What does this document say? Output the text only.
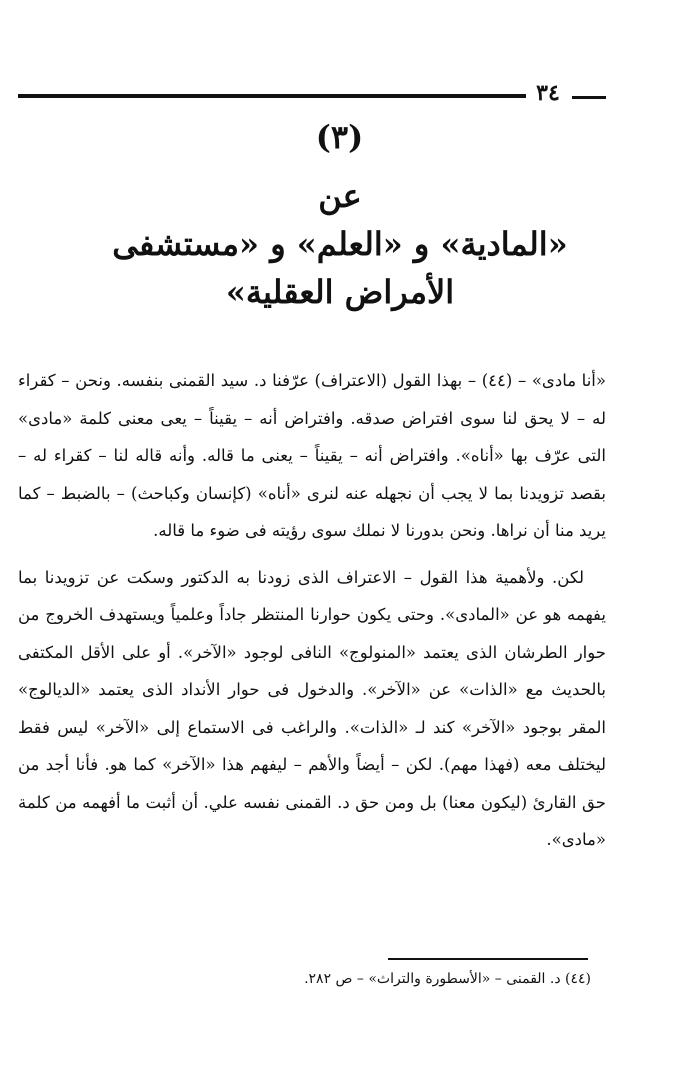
٣٤
(٣)
عن
«المادية» و «العلم» و «مستشفى
الأمراض العقلية»

«أنا مادى» – (٤٤) – بهذا القول (الاعتراف) عرّفنا د. سيد القمنى بنفسه. ونحن – كقراء له – لا يحق لنا سوى افتراض صدقه. وافتراض أنه – يقيناً – يعى معنى كلمة «مادى» التى عرّف بها «أناه». وافتراض أنه – يقيناً – يعنى ما قاله. وأنه قاله لنا – كقراء له – بقصد تزويدنا بما لا يجب أن نجهله عنه لنرى «أناه» (كإنسان وكباحث) – بالضبط – كما يريد منا أن نراها. ونحن بدورنا لا نملك سوى رؤيته فى ضوء ما قاله.

لكن. ولأهمية هذا القول – الاعتراف الذى زودنا به الدكتور وسكت عن تزويدنا بما يفهمه هو عن «المادى». وحتى يكون حوارنا المنتظر جاداً وعلمياً ويستهدف الخروج من حوار الطرشان الذى يعتمد «المنولوج» النافى لوجود «الآخر». أو على الأقل المكتفى بالحديث مع «الذات» عن «الآخر». والدخول فى حوار الأنداد الذى يعتمد «الديالوج» المقر بوجود «الآخر» كند لـ «الذات». والراغب فى الاستماع إلى «الآخر» ليس فقط ليختلف معه (فهذا مهم). لكن – أيضاً والأهم – ليفهم هذا «الآخر» كما هو. فأنا أجد من حق القارئ (ليكون معنا) بل ومن حق د. القمنى نفسه علي. أن أثبت ما أفهمه من كلمة «مادى».

(٤٤) د. القمنى – «الأسطورة والتراث» – ص ٢٨٢.
